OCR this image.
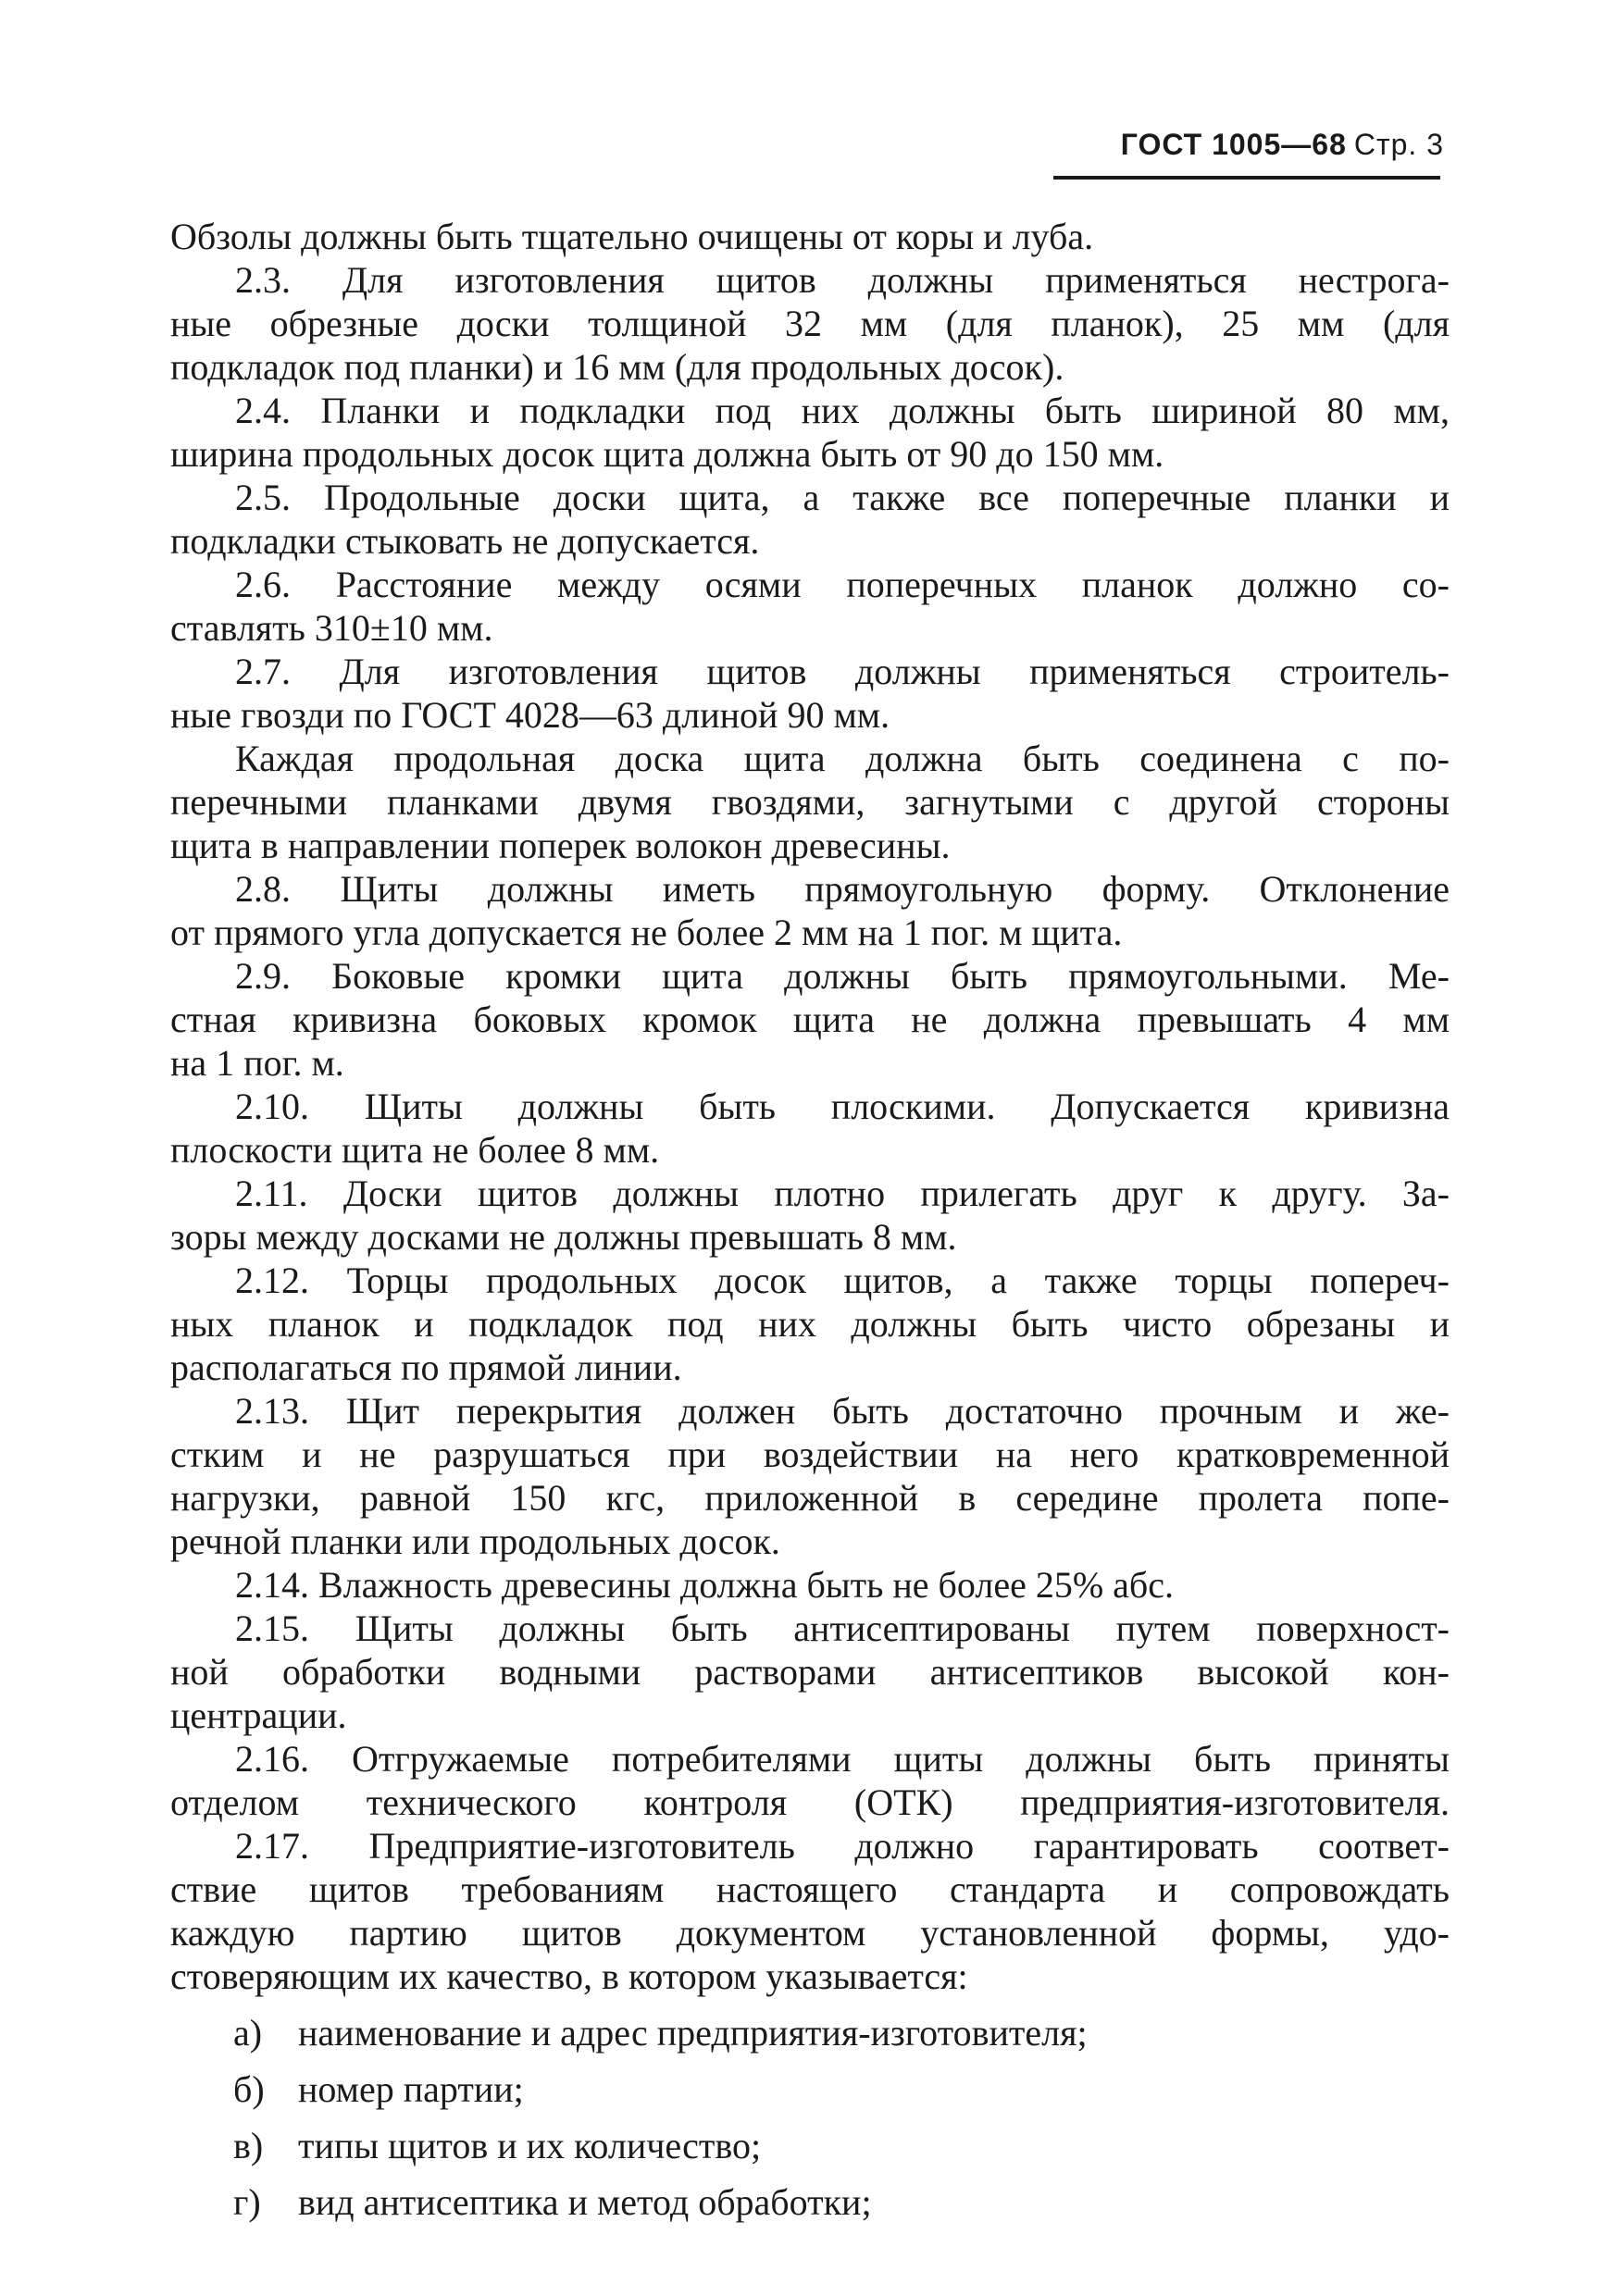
ГОСТ 1005—68 Стр. 3
Обзолы должны быть тщательно очищены от коры и луба.
2.3. Для изготовления щитов должны применяться нестрога-
ные обрезные доски толщиной 32 мм (для планок), 25 мм (для
подкладок под планки) и 16 мм (для продольных досок).
2.4. Планки и подкладки под них должны быть шириной 80 мм,
ширина продольных досок щита должна быть от 90 до 150 мм.
2.5. Продольные доски щита, а также все поперечные планки и
подкладки стыковать не допускается.
2.6. Расстояние между осями поперечных планок должно со-
ставлять 310±10 мм.
2.7. Для изготовления щитов должны применяться строитель-
ные гвозди по ГОСТ 4028—63 длиной 90 мм.
Каждая продольная доска щита должна быть соединена с по-
перечными планками двумя гвоздями, загнутыми с другой стороны
щита в направлении поперек волокон древесины.
2.8. Щиты должны иметь прямоугольную форму. Отклонение
от прямого угла допускается не более 2 мм на 1 пог. м щита.
2.9. Боковые кромки щита должны быть прямоугольными. Ме-
стная кривизна боковых кромок щита не должна превышать 4 мм
на 1 пог. м.
2.10. Щиты должны быть плоскими. Допускается кривизна
плоскости щита не более 8 мм.
2.11. Доски щитов должны плотно прилегать друг к другу. За-
зоры между досками не должны превышать 8 мм.
2.12. Торцы продольных досок щитов, а также торцы попереч-
ных планок и подкладок под них должны быть чисто обрезаны и
располагаться по прямой линии.
2.13. Щит перекрытия должен быть достаточно прочным и же-
стким и не разрушаться при воздействии на него кратковременной
нагрузки, равной 150 кгс, приложенной в середине пролета попе-
речной планки или продольных досок.
2.14. Влажность древесины должна быть не более 25% абс.
2.15. Щиты должны быть антисептированы путем поверхност-
ной обработки водными растворами антисептиков высокой кон-
центрации.
2.16. Отгружаемые потребителями щиты должны быть приняты
отделом технического контроля (ОТК) предприятия-изготовителя.
2.17. Предприятие-изготовитель должно гарантировать соответ-
ствие щитов требованиям настоящего стандарта и сопровождать
каждую партию щитов документом установленной формы, удо-
стоверяющим их качество, в котором указывается:
а) наименование и адрес предприятия-изготовителя;
б) номер партии;
в) типы щитов и их количество;
г) вид антисептика и метод обработки;
